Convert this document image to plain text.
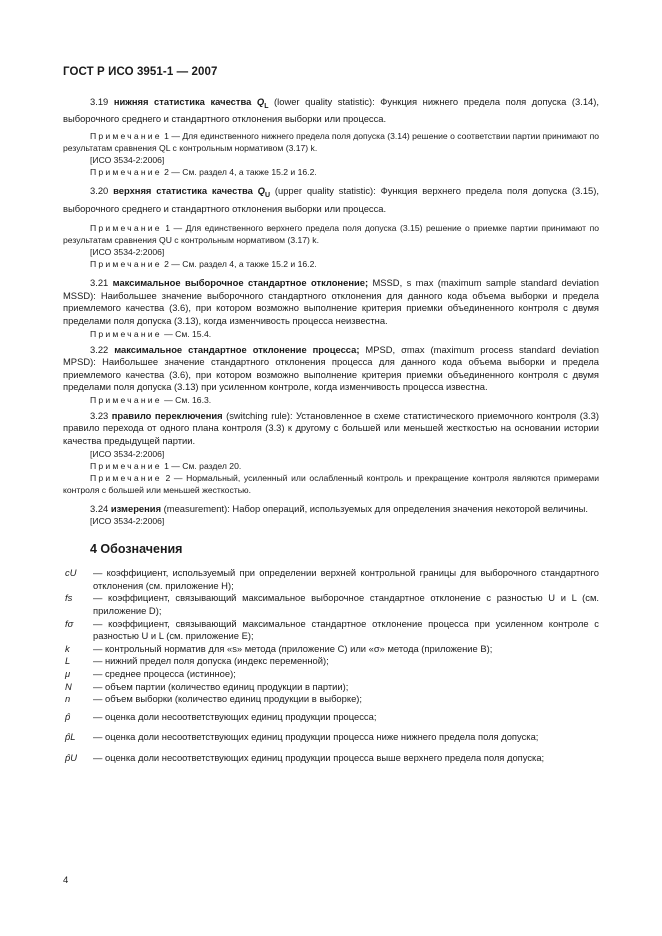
ГОСТ Р ИСО 3951-1 — 2007

3.19 нижняя статистика качества $Q_L$ (lower quality statistic): Функция нижнего предела поля допуска (3.14), выборочного среднего и стандартного отклонения выборки или процесса.

Примечание 1 — Для единственного нижнего предела поля допуска (3.14) решение о соответствии партии принимают по результатам сравнения QL с контрольным нормативом (3.17) k.

[ИСО 3534-2:2006]

Примечание 2 — См. раздел 4, а также 15.2 и 16.2.

3.20 верхняя статистика качества $Q_U$ (upper quality statistic): Функция верхнего предела поля допуска (3.15), выборочного среднего и стандартного отклонения выборки или процесса.

Примечание 1 — Для единственного верхнего предела поля допуска (3.15) решение о приемке партии принимают по результатам сравнения QU с контрольным нормативом (3.17) k.

[ИСО 3534-2:2006]

Примечание 2 — См. раздел 4, а также 15.2 и 16.2.

3.21 максимальное выборочное стандартное отклонение; MSSD, s max (maximum sample standard deviation MSSD): Наибольшее значение выборочного стандартного отклонения для данного кода объема выборки и предела приемлемого качества (3.6), при котором возможно выполнение критерия приемки объединенного контроля с двумя пределами поля допуска (3.13), когда изменчивость процесса неизвестна.

Примечание — См. 15.4.

3.22 максимальное стандартное отклонение процесса; MPSD, σmax (maximum process standard deviation MPSD): Наибольшее значение стандартного отклонения процесса для данного кода объема выборки и предела приемлемого качества (3.6), при котором возможно выполнение критерия приемки объединенного контроля с двумя пределами поля допуска (3.13) при усиленном контроле, когда изменчивость процесса известна.

Примечание — См. 16.3.

3.23 правило переключения (switching rule): Установленное в схеме статистического приемочного контроля (3.3) правило перехода от одного плана контроля (3.3) к другому с большей или меньшей жесткостью на основании истории качества предыдущей партии.

[ИСО 3534-2:2006]

Примечание 1 — См. раздел 20.

Примечание 2 — Нормальный, усиленный или ослабленный контроль и прекращение контроля являются примерами контроля с большей или меньшей жесткостью.

3.24 измерения (measurement): Набор операций, используемых для определения значения некоторой величины.

[ИСО 3534-2:2006]

4 Обозначения
cU	— коэффициент, используемый при определении верхней контрольной границы для выборочного стандартного отклонения (см. приложение H);
fs	— коэффициент, связывающий максимальное выборочное стандартное отклонение с разностью U и L (см. приложение D);
fσ	— коэффициент, связывающий максимальное стандартное отклонение процесса при усиленном контроле с разностью U и L (см. приложение E);
k	— контрольный норматив для «s» метода (приложение С) или «σ» метода (приложение В);
L	— нижний предел поля допуска (индекс переменной);
μ	— среднее процесса (истинное);
N	— объем партии (количество единиц продукции в партии);
n	— объем выборки (количество единиц продукции в выборке);
p̂	— оценка доли несоответствующих единиц продукции процесса;
p̂L	— оценка доли несоответствующих единиц продукции процесса ниже нижнего предела поля допуска;
p̂U	— оценка доли несоответствующих единиц продукции процесса выше верхнего предела поля допуска;
4
